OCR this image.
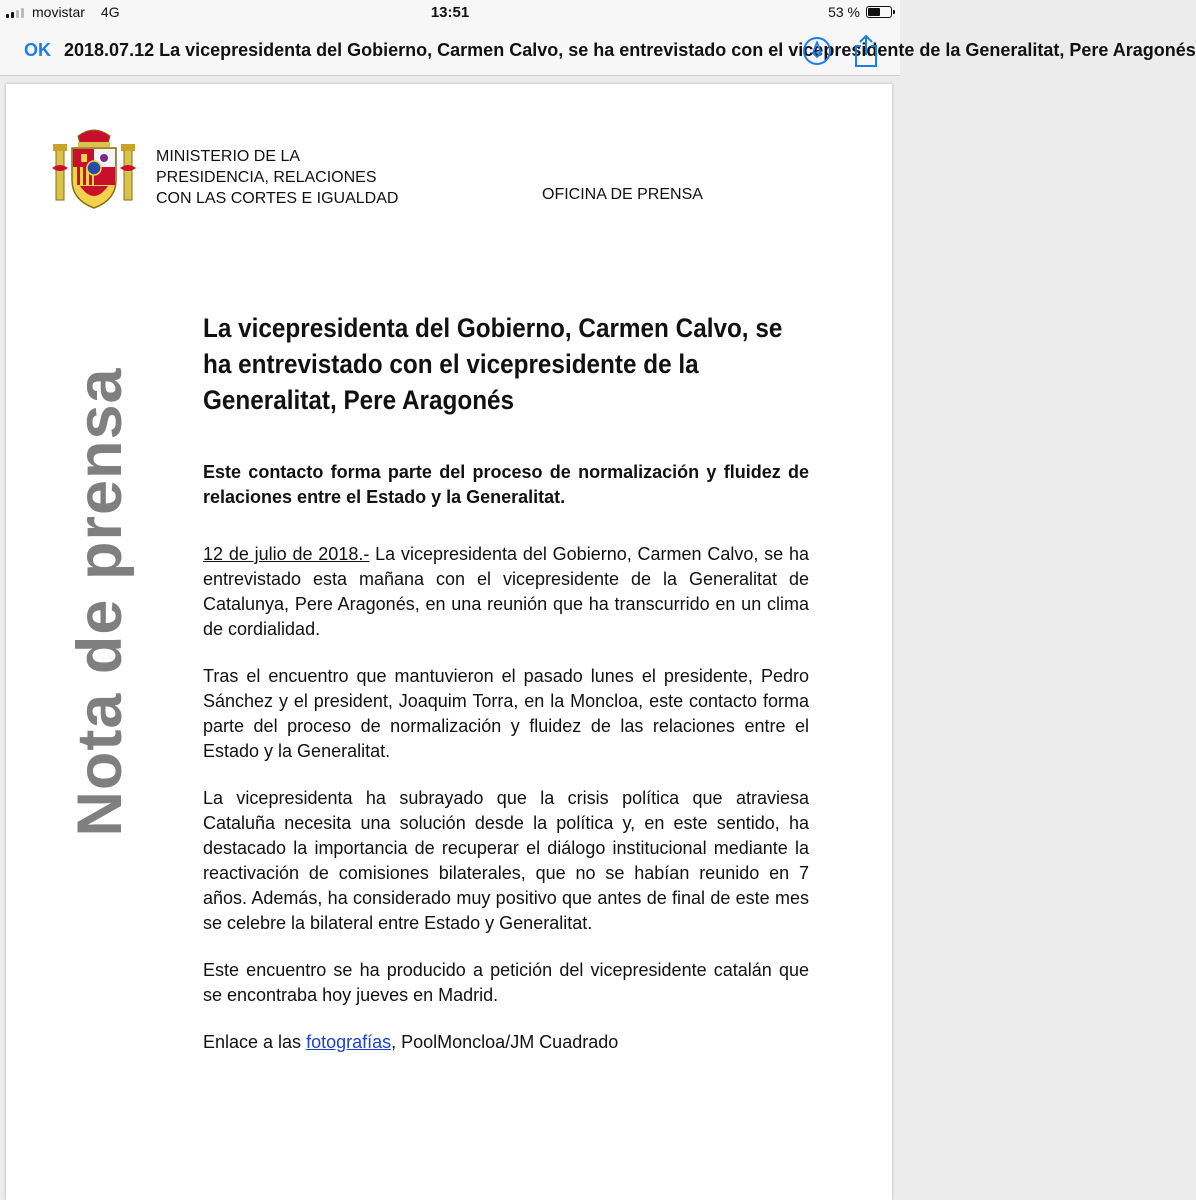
movistar 4G	13:51	53 %
OK 2018.07.12 La vicepresidenta del Gobierno, Carmen Calvo, se ha entrevistado con el vicepresidente de la Generalitat, Pere Aragonés
MINISTERIO DE LA
PRESIDENCIA, RELACIONES
CON LAS CORTES E IGUALDAD	OFICINA DE PRENSA
Nota de prensa
La vicepresidenta del Gobierno, Carmen Calvo, se ha entrevistado con el vicepresidente de la Generalitat, Pere Aragonés

Este contacto forma parte del proceso de normalización y fluidez de relaciones entre el Estado y la Generalitat.

12 de julio de 2018.- La vicepresidenta del Gobierno, Carmen Calvo, se ha entrevistado esta mañana con el vicepresidente de la Generalitat de Catalunya, Pere Aragonés, en una reunión que ha transcurrido en un clima de cordialidad.

Tras el encuentro que mantuvieron el pasado lunes el presidente, Pedro Sánchez y el president, Joaquim Torra, en la Moncloa, este contacto forma parte del proceso de normalización y fluidez de las relaciones entre el Estado y la Generalitat.

La vicepresidenta ha subrayado que la crisis política que atraviesa Cataluña necesita una solución desde la política y, en este sentido, ha destacado la importancia de recuperar el diálogo institucional mediante la reactivación de comisiones bilaterales, que no se habían reunido en 7 años. Además, ha considerado muy positivo que antes de final de este mes se celebre la bilateral entre Estado y Generalitat.

Este encuentro se ha producido a petición del vicepresidente catalán que se encontraba hoy jueves en Madrid.

Enlace a las fotografías, PoolMoncloa/JM Cuadrado
